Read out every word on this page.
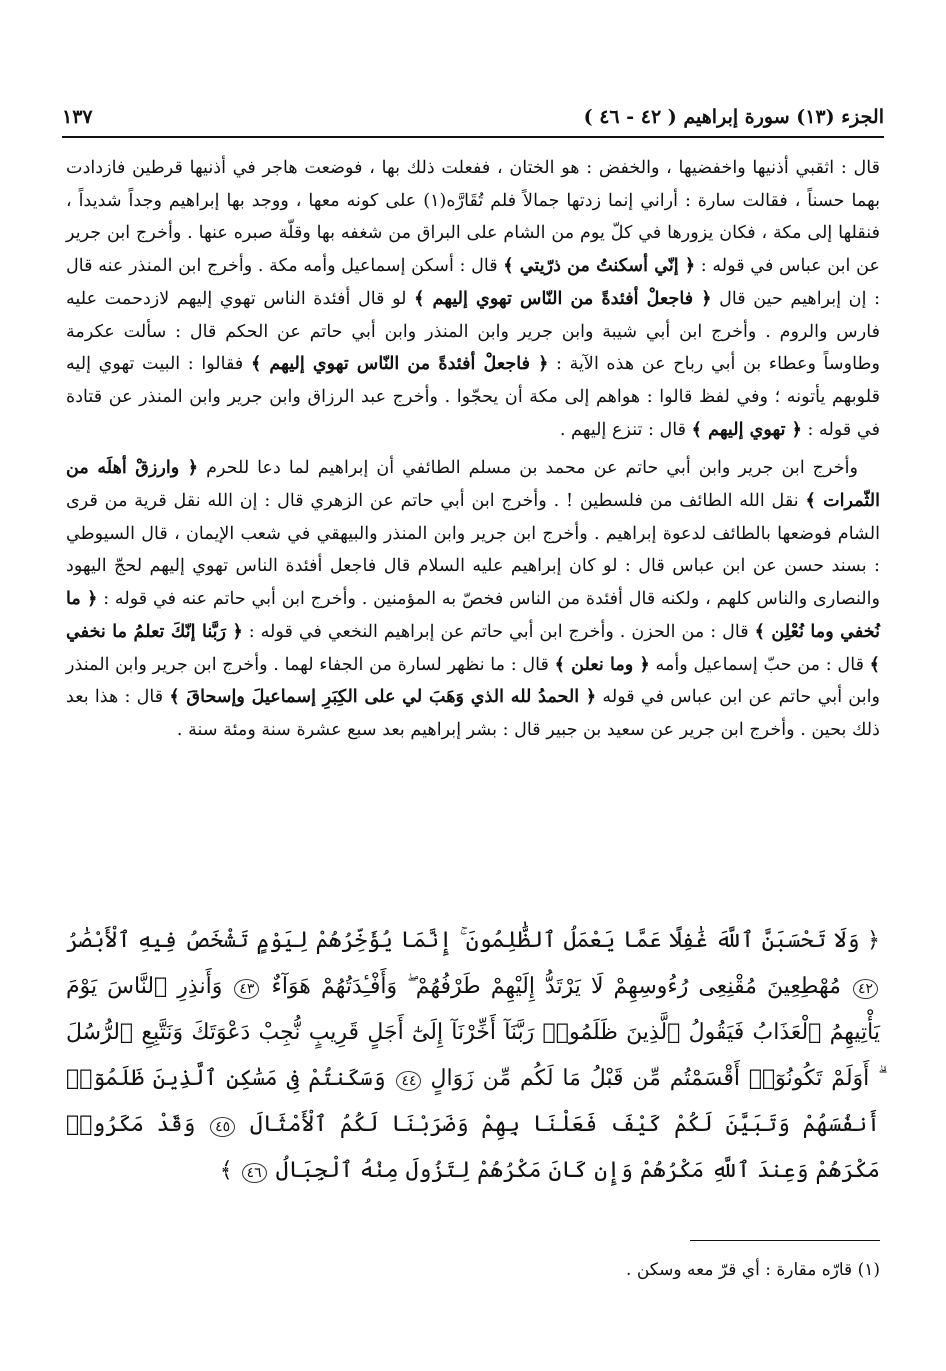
الجزء (١٣) سورة إبراهيم ( ٤٢ - ٤٦ )
١٣٧

قال : اثقبي أذنيها واخفضيها ، والخفض : هو الختان ، ففعلت ذلك بها ، فوضعت هاجر في أذنيها قرطين فازدادت بهما حسناً ، فقالت سارة : أراني إنما زدتها جمالاً فلم تُقَارَّه(١) على كونه معها ، ووجد بها إبراهيم وجداً شديداً ، فنقلها إلى مكة ، فكان يزورها في كلّ يوم من الشام على البراق من شغفه بها وقلّة صبره عنها . وأخرج ابن جرير عن ابن عباس في قوله : ﴿ إنّي أسكنتُ من ذرّيتي ﴾ قال : أسكن إسماعيل وأمه مكة . وأخرج ابن المنذر عنه قال : إن إبراهيم حين قال ﴿ فاجعلْ أفئدةً من النّاس تهوي إليهم ﴾ لو قال أفئدة الناس تهوي إليهم لازدحمت عليه فارس والروم . وأخرج ابن أبي شيبة وابن جرير وابن المنذر وابن أبي حاتم عن الحكم قال : سألت عكرمة وطاوساً وعطاء بن أبي رباح عن هذه الآية : ﴿ فاجعلْ أفئدةً من النّاس تهوي إليهم ﴾ فقالوا : البيت تهوي إليه قلوبهم يأتونه ؛ وفي لفظ قالوا : هواهم إلى مكة أن يحجّوا . وأخرج عبد الرزاق وابن جرير وابن المنذر عن قتادة في قوله : ﴿ تهوي إليهم ﴾ قال : تنزع إليهم .

وأخرج ابن جرير وابن أبي حاتم عن محمد بن مسلم الطائفي أن إبراهيم لما دعا للحرم ﴿ وارزقْ أهلَه من الثّمرات ﴾ نقل الله الطائف من فلسطين ! . وأخرج ابن أبي حاتم عن الزهري قال : إن الله نقل قرية من قرى الشام فوضعها بالطائف لدعوة إبراهيم . وأخرج ابن جرير وابن المنذر والبيهقي في شعب الإيمان ، قال السيوطي : بسند حسن عن ابن عباس قال : لو كان إبراهيم عليه السلام قال فاجعل أفئدة الناس تهوي إليهم لحجّ اليهود والنصارى والناس كلهم ، ولكنه قال أفئدة من الناس فخصّ به المؤمنين . وأخرج ابن أبي حاتم عنه في قوله : ﴿ ما نُخفي وما نُعْلِن ﴾ قال : من الحزن . وأخرج ابن أبي حاتم عن إبراهيم النخعي في قوله : ﴿ رَبَّنا إنّكَ تعلمُ ما نخفي ﴾ قال : من حبّ إسماعيل وأمه ﴿ وما نعلن ﴾ قال : ما نظهر لسارة من الجفاء لهما . وأخرج ابن جرير وابن المنذر وابن أبي حاتم عن ابن عباس في قوله ﴿ الحمدُ لله الذي وَهَبَ لي على الكِبَرِ إسماعيلَ وإسحاقَ ﴾ قال : هذا بعد ذلك بحين . وأخرج ابن جرير عن سعيد بن جبير قال : بشر إبراهيم بعد سبع عشرة سنة ومئة سنة .

﴿ وَلَا تَحْسَبَنَّ ٱللَّهَ غَٰفِلًا عَمَّا يَعْمَلُ ٱلظَّٰلِمُونَ ۚ إِنَّمَا يُؤَخِّرُهُمْ لِيَوْمٍ تَشْخَصُ فِيهِ ٱلْأَبْصَٰرُ ٤٢ مُهْطِعِينَ مُقْنِعِى رُءُوسِهِمْ لَا يَرْتَدُّ إِلَيْهِمْ طَرْفُهُمْ ۖ وَأَفْـِٔدَتُهُمْ هَوَآءٌ ٤٣ وَأَنذِرِ ٱلنَّاسَ يَوْمَ يَأْتِيهِمُ ٱلْعَذَابُ فَيَقُولُ ٱلَّذِينَ ظَلَمُوا۟ رَبَّنَآ أَخِّرْنَآ إِلَىٰٓ أَجَلٍ قَرِيبٍ نُّجِبْ دَعْوَتَكَ وَنَتَّبِعِ ٱلرُّسُلَ ۗ أَوَلَمْ تَكُونُوٓا۟ أَقْسَمْتُم مِّن قَبْلُ مَا لَكُم مِّن زَوَالٍ ٤٤ وَسَكَنتُمْ فِى مَسَٰكِنِ ٱلَّذِينَ ظَلَمُوٓا۟ أَنفُسَهُمْ وَتَبَيَّنَ لَكُمْ كَيْفَ فَعَلْنَا بِهِمْ وَضَرَبْنَا لَكُمُ ٱلْأَمْثَالَ ٤٥ وَقَدْ مَكَرُوا۟ مَكْرَهُمْ وَعِندَ ٱللَّهِ مَكْرُهُمْ وَإِن كَانَ مَكْرُهُمْ لِتَزُولَ مِنْهُ ٱلْجِبَالُ ٤٦ ﴾

(١) قارّه مقارة : أي قرّ معه وسكن .
